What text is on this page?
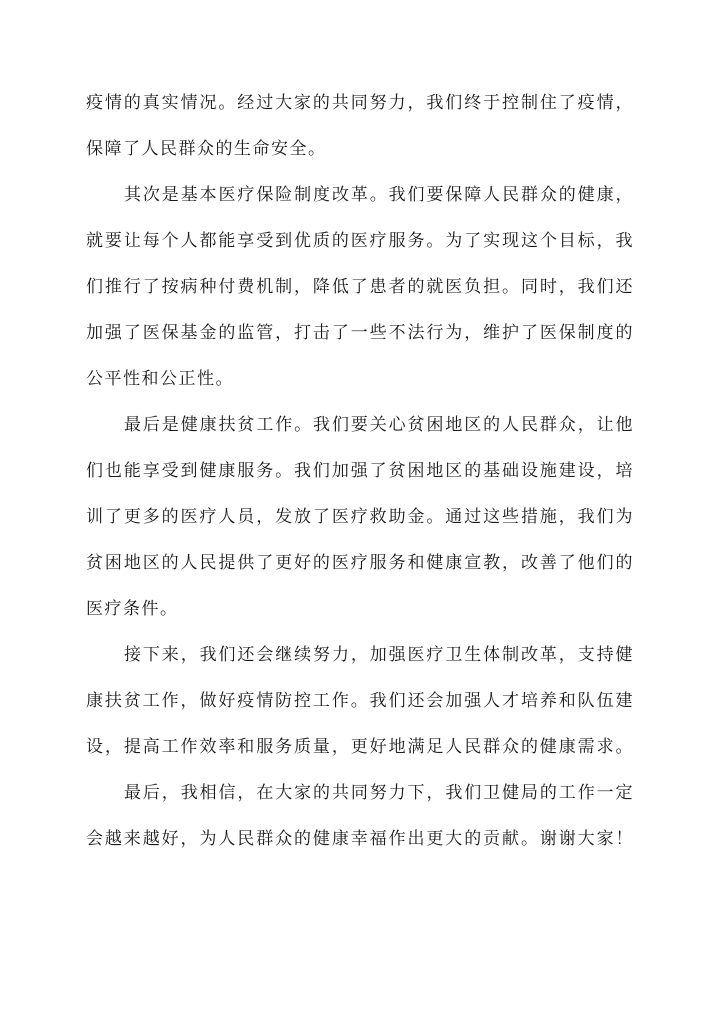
疫情的真实情况。经过大家的共同努力，我们终于控制住了疫情，
保障了人民群众的生命安全。
其次是基本医疗保险制度改革。我们要保障人民群众的健康，
就要让每个人都能享受到优质的医疗服务。为了实现这个目标，我
们推行了按病种付费机制，降低了患者的就医负担。同时，我们还
加强了医保基金的监管，打击了一些不法行为，维护了医保制度的
公平性和公正性。
最后是健康扶贫工作。我们要关心贫困地区的人民群众，让他
们也能享受到健康服务。我们加强了贫困地区的基础设施建设，培
训了更多的医疗人员，发放了医疗救助金。通过这些措施，我们为
贫困地区的人民提供了更好的医疗服务和健康宣教，改善了他们的
医疗条件。
接下来，我们还会继续努力，加强医疗卫生体制改革，支持健
康扶贫工作，做好疫情防控工作。我们还会加强人才培养和队伍建
设，提高工作效率和服务质量，更好地满足人民群众的健康需求。
最后，我相信，在大家的共同努力下，我们卫健局的工作一定
会越来越好，为人民群众的健康幸福作出更大的贡献。谢谢大家！
